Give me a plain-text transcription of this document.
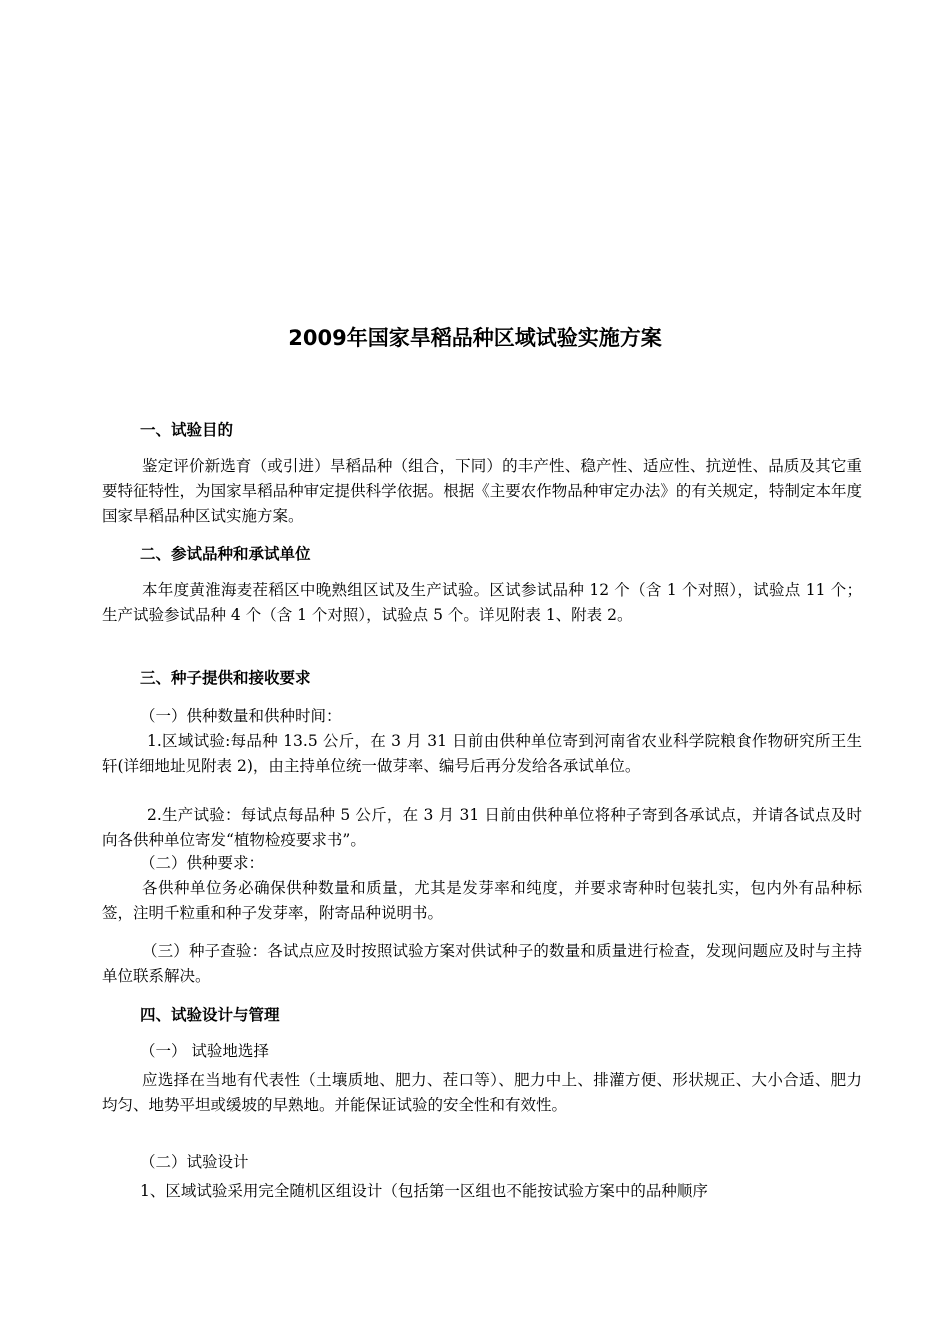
2009年国家旱稻品种区域试验实施方案
一、试验目的

鉴定评价新选育（或引进）旱稻品种（组合，下同）的丰产性、稳产性、适应性、抗逆性、品质及其它重要特征特性，为国家旱稻品种审定提供科学依据。根据《主要农作物品种审定办法》的有关规定，特制定本年度国家旱稻品种区试实施方案。

二、参试品种和承试单位

本年度黄淮海麦茬稻区中晚熟组区试及生产试验。区试参试品种 12 个（含 1 个对照），试验点 11 个；生产试验参试品种 4 个（含 1 个对照），试验点 5 个。详见附表 1、附表 2。

三、种子提供和接收要求
（一）供种数量和供种时间：

1.区域试验:每品种 13.5 公斤，在 3 月 31 日前由供种单位寄到河南省农业科学院粮食作物研究所王生轩(详细地址见附表 2)，由主持单位统一做芽率、编号后再分发给各承试单位。

2.生产试验：每试点每品种 5 公斤，在 3 月 31 日前由供种单位将种子寄到各承试点，并请各试点及时向各供种单位寄发“植物检疫要求书”。

（二）供种要求：

各供种单位务必确保供种数量和质量，尤其是发芽率和纯度，并要求寄种时包装扎实，包内外有品种标签，注明千粒重和种子发芽率，附寄品种说明书。

（三）种子查验：各试点应及时按照试验方案对供试种子的数量和质量进行检查，发现问题应及时与主持单位联系解决。

四、试验设计与管理
（一） 试验地选择

应选择在当地有代表性（土壤质地、肥力、茬口等）、肥力中上、排灌方便、形状规正、大小合适、肥力均匀、地势平坦或缓坡的早熟地。并能保证试验的安全性和有效性。

（二）试验设计
1、区域试验采用完全随机区组设计（包括第一区组也不能按试验方案中的品种顺序
